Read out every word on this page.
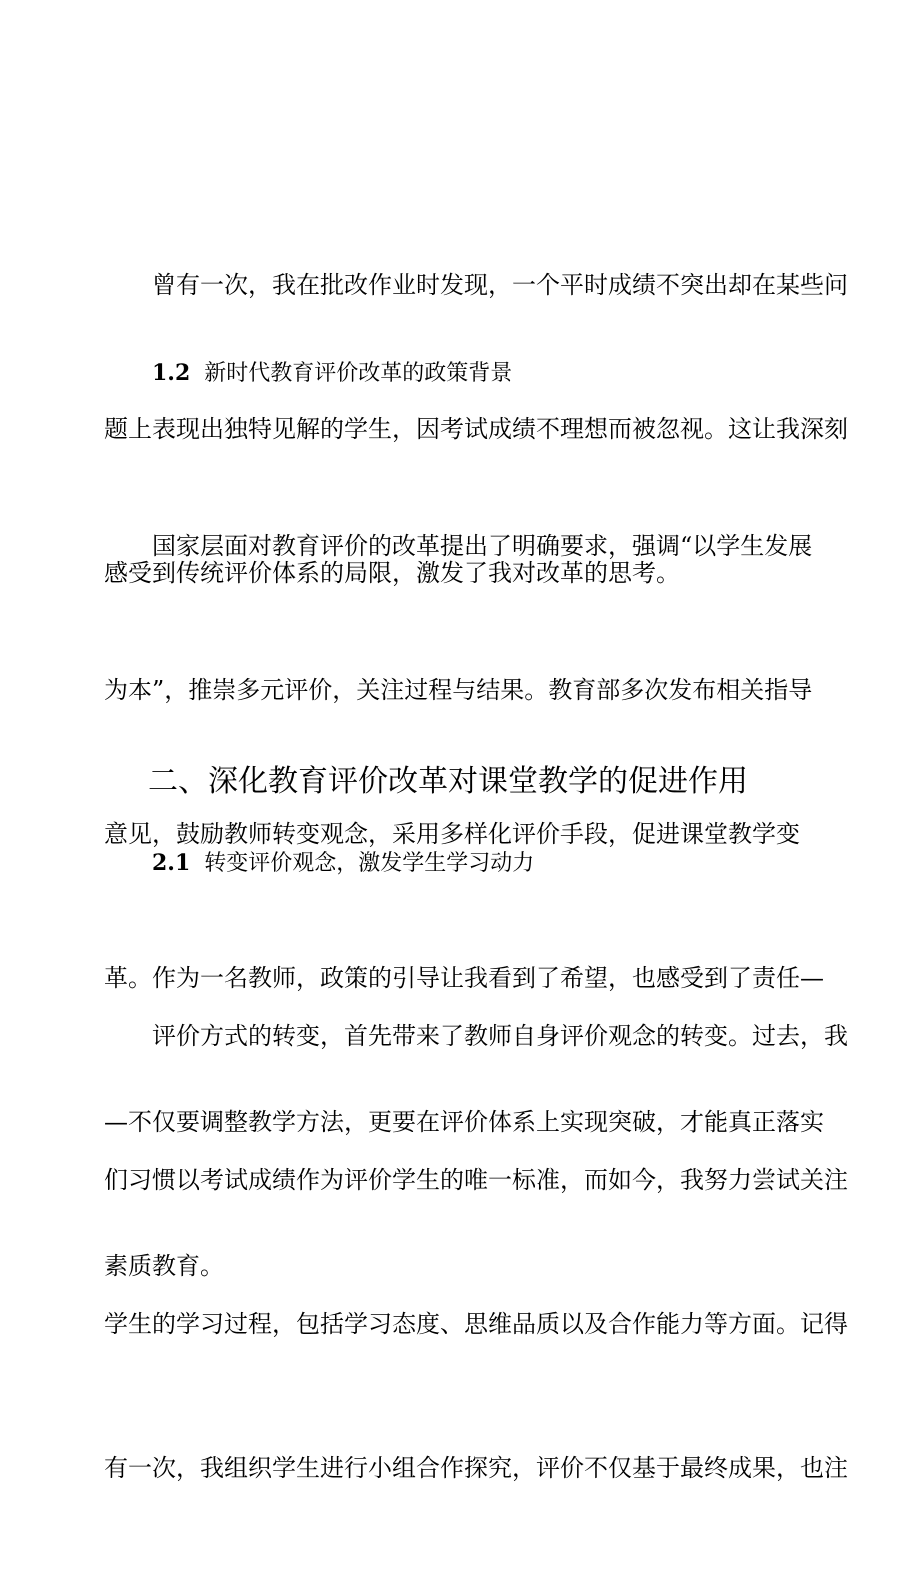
曾有一次，我在批改作业时发现，一个平时成绩不突出却在某些问

题上表现出独特见解的学生，因考试成绩不理想而被忽视。这让我深刻

感受到传统评价体系的局限，激发了我对改革的思考。

1.2 新时代教育评价改革的政策背景

国家层面对教育评价的改革提出了明确要求，强调“以学生发展

为本”，推崇多元评价，关注过程与结果。教育部多次发布相关指导

意见，鼓励教师转变观念，采用多样化评价手段，促进课堂教学变

革。作为一名教师，政策的引导让我看到了希望，也感受到了责任—

—不仅要调整教学方法，更要在评价体系上实现突破，才能真正落实

素质教育。

二、深化教育评价改革对课堂教学的促进作用
2.1 转变评价观念，激发学生学习动力

评价方式的转变，首先带来了教师自身评价观念的转变。过去，我

们习惯以考试成绩作为评价学生的唯一标准，而如今，我努力尝试关注

学生的学习过程，包括学习态度、思维品质以及合作能力等方面。记得

有一次，我组织学生进行小组合作探究，评价不仅基于最终成果，也注
